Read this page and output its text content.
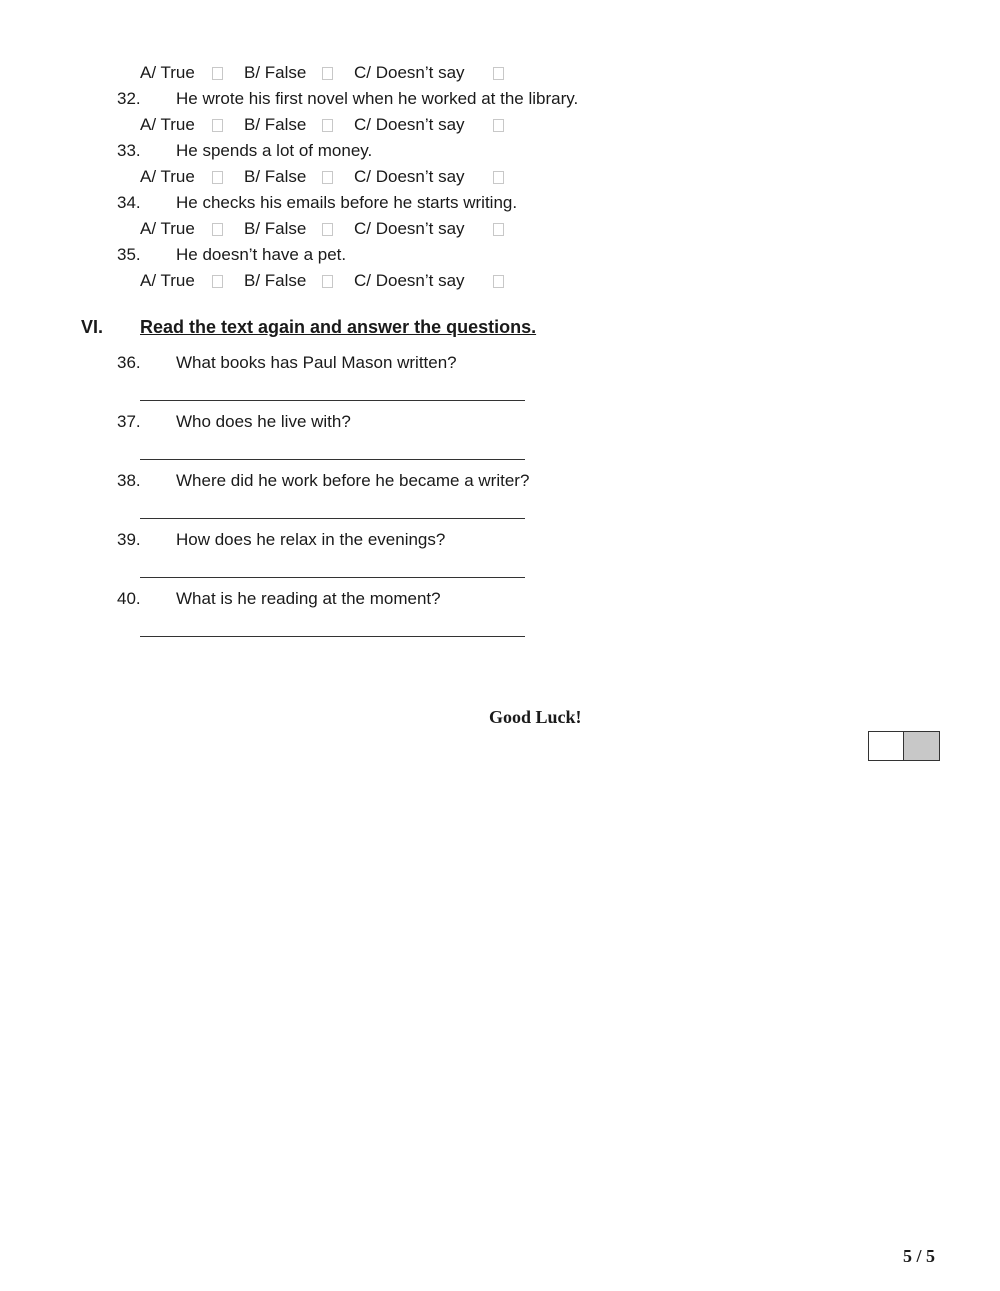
VI. Read the text again and answer the questions.
Good Luck!
5 / 5
A/ True	B/ False	C/ Doesn’t say
32. He wrote his first novel when he worked at the library.
A/ True	B/ False	C/ Doesn’t say
33. He spends a lot of money.
A/ True	B/ False	C/ Doesn’t say
34. He checks his emails before he starts writing.
A/ True	B/ False	C/ Doesn’t say
35. He doesn’t have a pet.
A/ True	B/ False	C/ Doesn’t say
36. What books has Paul Mason written?
37. Who does he live with?
38. Where did he work before he became a writer?
39. How does he relax in the evenings?
40. What is he reading at the moment?
